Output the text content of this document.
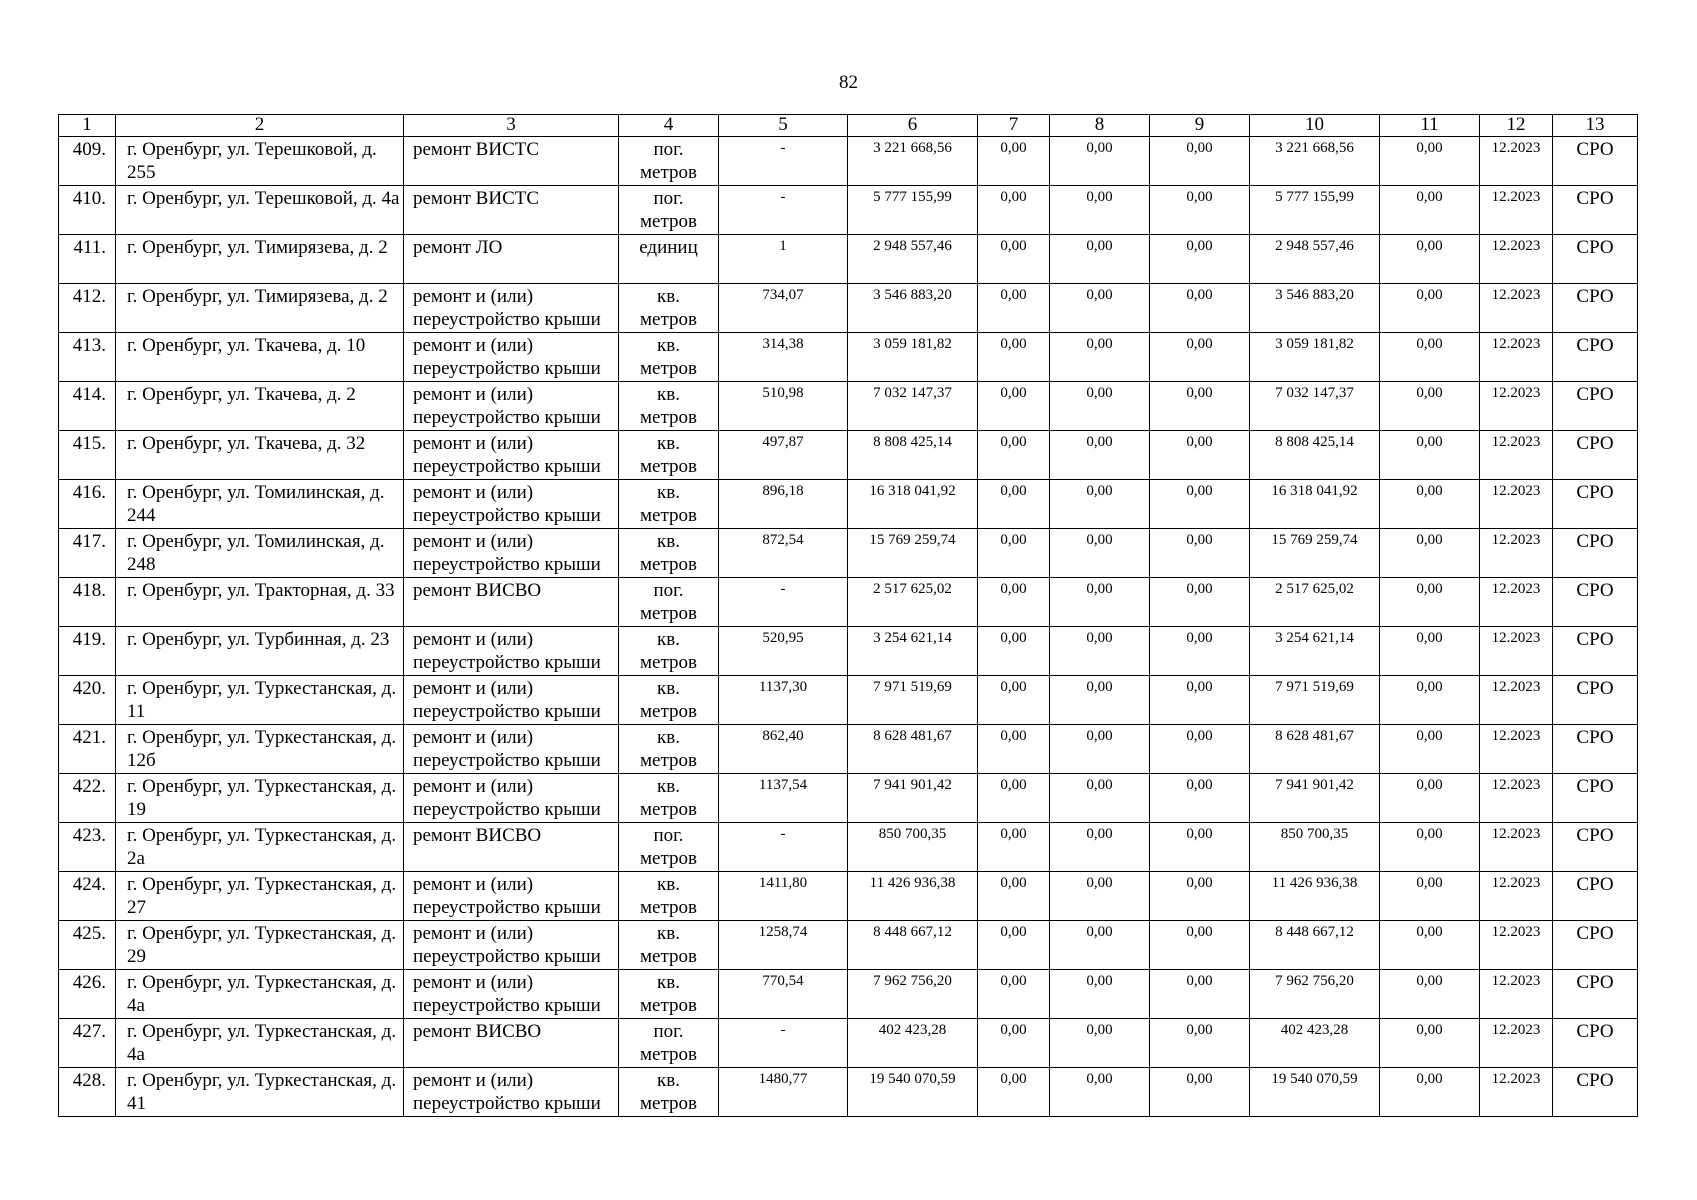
82
1	2	3	4	5	6	7	8	9	10	11	12	13
409.	г. Оренбург, ул. Терешковой, д. 255	ремонт ВИСТС	пог.
метров	-	3 221 668,56	0,00	0,00	0,00	3 221 668,56	0,00	12.2023	СРО
410.	г. Оренбург, ул. Терешковой, д. 4а	ремонт ВИСТС	пог.
метров	-	5 777 155,99	0,00	0,00	0,00	5 777 155,99	0,00	12.2023	СРО
411.	г. Оренбург, ул. Тимирязева, д. 2	ремонт ЛО	единиц	1	2 948 557,46	0,00	0,00	0,00	2 948 557,46	0,00	12.2023	СРО
412.	г. Оренбург, ул. Тимирязева, д. 2	ремонт и (или)
переустройство крыши	кв.
метров	734,07	3 546 883,20	0,00	0,00	0,00	3 546 883,20	0,00	12.2023	СРО
413.	г. Оренбург, ул. Ткачева, д. 10	ремонт и (или)
переустройство крыши	кв.
метров	314,38	3 059 181,82	0,00	0,00	0,00	3 059 181,82	0,00	12.2023	СРО
414.	г. Оренбург, ул. Ткачева, д. 2	ремонт и (или)
переустройство крыши	кв.
метров	510,98	7 032 147,37	0,00	0,00	0,00	7 032 147,37	0,00	12.2023	СРО
415.	г. Оренбург, ул. Ткачева, д. 32	ремонт и (или)
переустройство крыши	кв.
метров	497,87	8 808 425,14	0,00	0,00	0,00	8 808 425,14	0,00	12.2023	СРО
416.	г. Оренбург, ул. Томилинская, д. 244	ремонт и (или)
переустройство крыши	кв.
метров	896,18	16 318 041,92	0,00	0,00	0,00	16 318 041,92	0,00	12.2023	СРО
417.	г. Оренбург, ул. Томилинская, д. 248	ремонт и (или)
переустройство крыши	кв.
метров	872,54	15 769 259,74	0,00	0,00	0,00	15 769 259,74	0,00	12.2023	СРО
418.	г. Оренбург, ул. Тракторная, д. 33	ремонт ВИСВО	пог.
метров	-	2 517 625,02	0,00	0,00	0,00	2 517 625,02	0,00	12.2023	СРО
419.	г. Оренбург, ул. Турбинная, д. 23	ремонт и (или)
переустройство крыши	кв.
метров	520,95	3 254 621,14	0,00	0,00	0,00	3 254 621,14	0,00	12.2023	СРО
420.	г. Оренбург, ул. Туркестанская, д. 11	ремонт и (или)
переустройство крыши	кв.
метров	1137,30	7 971 519,69	0,00	0,00	0,00	7 971 519,69	0,00	12.2023	СРО
421.	г. Оренбург, ул. Туркестанская, д. 12б	ремонт и (или)
переустройство крыши	кв.
метров	862,40	8 628 481,67	0,00	0,00	0,00	8 628 481,67	0,00	12.2023	СРО
422.	г. Оренбург, ул. Туркестанская, д. 19	ремонт и (или)
переустройство крыши	кв.
метров	1137,54	7 941 901,42	0,00	0,00	0,00	7 941 901,42	0,00	12.2023	СРО
423.	г. Оренбург, ул. Туркестанская, д. 2а	ремонт ВИСВО	пог.
метров	-	850 700,35	0,00	0,00	0,00	850 700,35	0,00	12.2023	СРО
424.	г. Оренбург, ул. Туркестанская, д. 27	ремонт и (или)
переустройство крыши	кв.
метров	1411,80	11 426 936,38	0,00	0,00	0,00	11 426 936,38	0,00	12.2023	СРО
425.	г. Оренбург, ул. Туркестанская, д. 29	ремонт и (или)
переустройство крыши	кв.
метров	1258,74	8 448 667,12	0,00	0,00	0,00	8 448 667,12	0,00	12.2023	СРО
426.	г. Оренбург, ул. Туркестанская, д. 4а	ремонт и (или)
переустройство крыши	кв.
метров	770,54	7 962 756,20	0,00	0,00	0,00	7 962 756,20	0,00	12.2023	СРО
427.	г. Оренбург, ул. Туркестанская, д. 4а	ремонт ВИСВО	пог.
метров	-	402 423,28	0,00	0,00	0,00	402 423,28	0,00	12.2023	СРО
428.	г. Оренбург, ул. Туркестанская, д. 41	ремонт и (или)
переустройство крыши	кв.
метров	1480,77	19 540 070,59	0,00	0,00	0,00	19 540 070,59	0,00	12.2023	СРО
